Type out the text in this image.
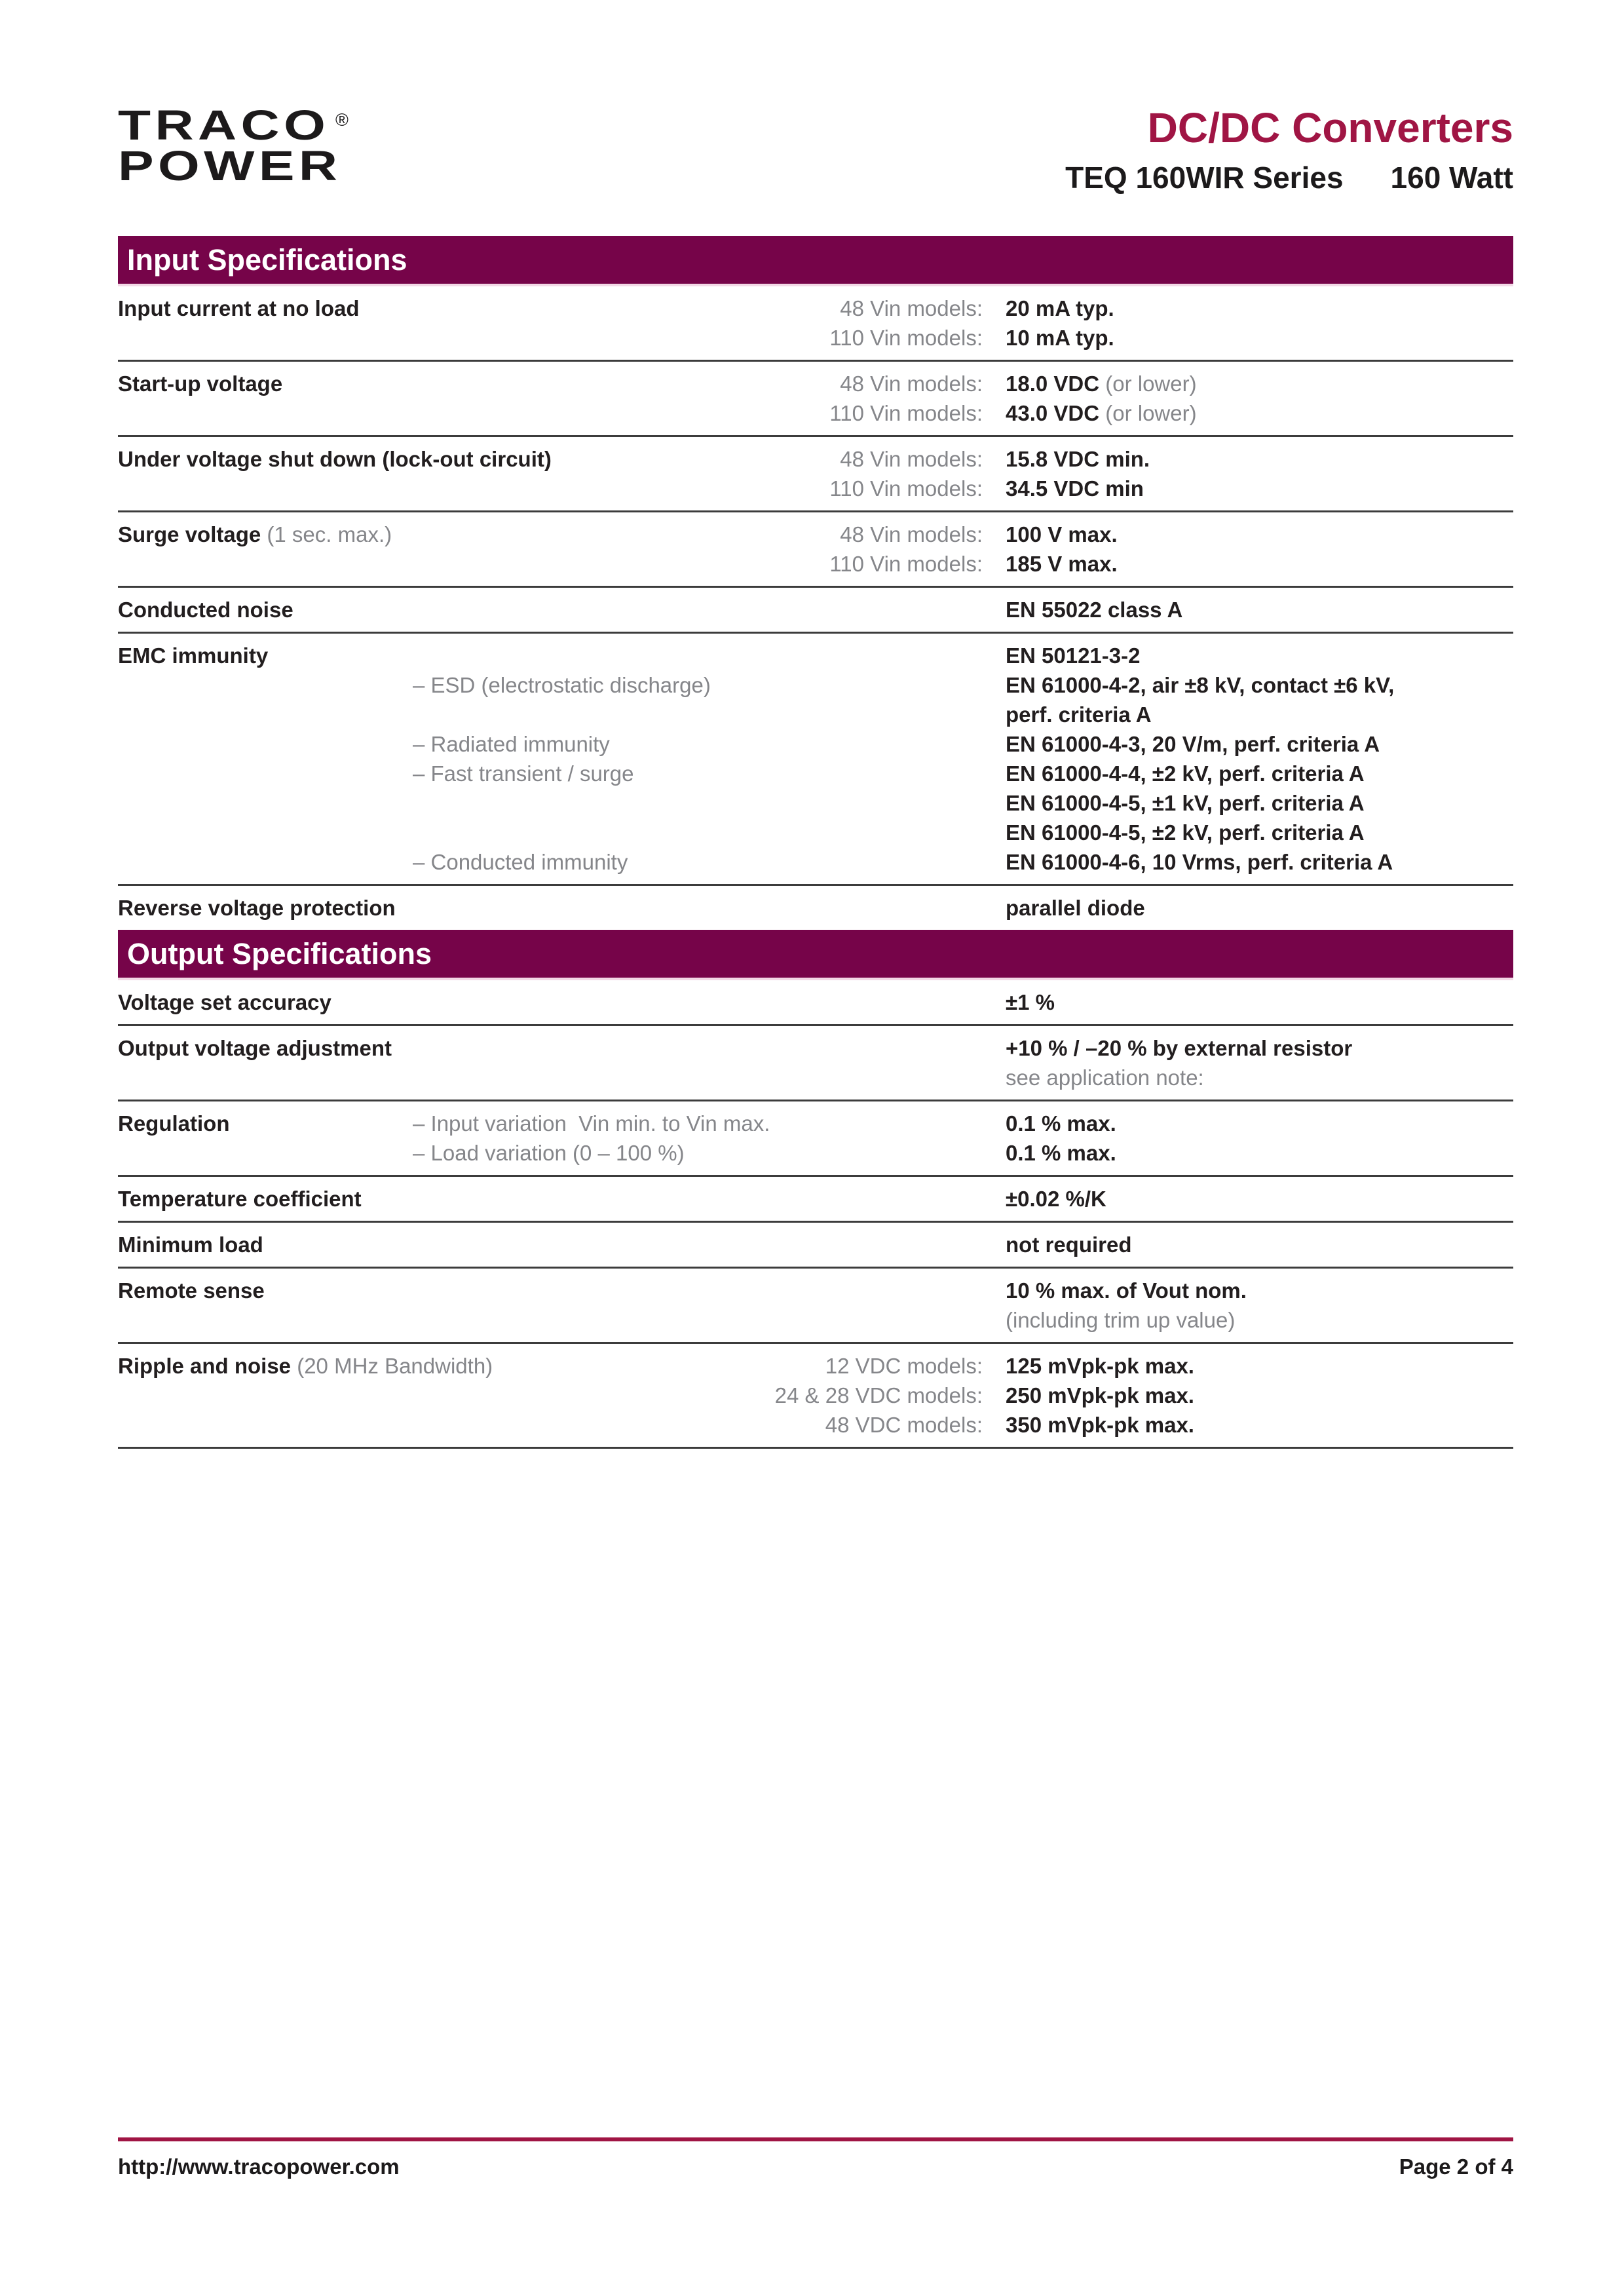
TRACO
POWER
®	DC/DC Converters
TEQ 160WIR Series 160 Watt
Input Specifications
Input current at no load	48 Vin models:	20 mA typ.
110 Vin models:	10 mA typ.
Start-up voltage	48 Vin models:	18.0 VDC (or lower)
110 Vin models:	43.0 VDC (or lower)
Under voltage shut down (lock-out circuit)	48 Vin models:	15.8 VDC min.
110 Vin models:	34.5 VDC min
Surge voltage (1 sec. max.)	48 Vin models:	100 V max.
110 Vin models:	185 V max.
Conducted noise	EN 55022 class A
EMC immunity	EN 50121-3-2
– ESD (electrostatic discharge)	EN 61000-4-2, air ±8 kV, contact ±6 kV,
perf. criteria A
– Radiated immunity	EN 61000-4-3, 20 V/m, perf. criteria A
– Fast transient / surge	EN 61000-4-4, ±2 kV, perf. criteria A
EN 61000-4-5, ±1 kV, perf. criteria A
EN 61000-4-5, ±2 kV, perf. criteria A
– Conducted immunity	EN 61000-4-6, 10 Vrms, perf. criteria A
Reverse voltage protection	parallel diode
Output Specifications
Voltage set accuracy	±1 %
Output voltage adjustment	+10 % / –20 % by external resistor
see application note:
Regulation	– Input variation  Vin min. to Vin max.	0.1 % max.
– Load variation (0 – 100 %)	0.1 % max.
Temperature coefficient	±0.02 %/K
Minimum load	not required
Remote sense	10 % max. of Vout nom.
(including trim up value)
Ripple and noise (20 MHz Bandwidth)	12 VDC models:	125 mVpk-pk max.
24 & 28 VDC models:	250 mVpk-pk max.
48 VDC models:	350 mVpk-pk max.
http://www.tracopower.com	Page 2 of 4
